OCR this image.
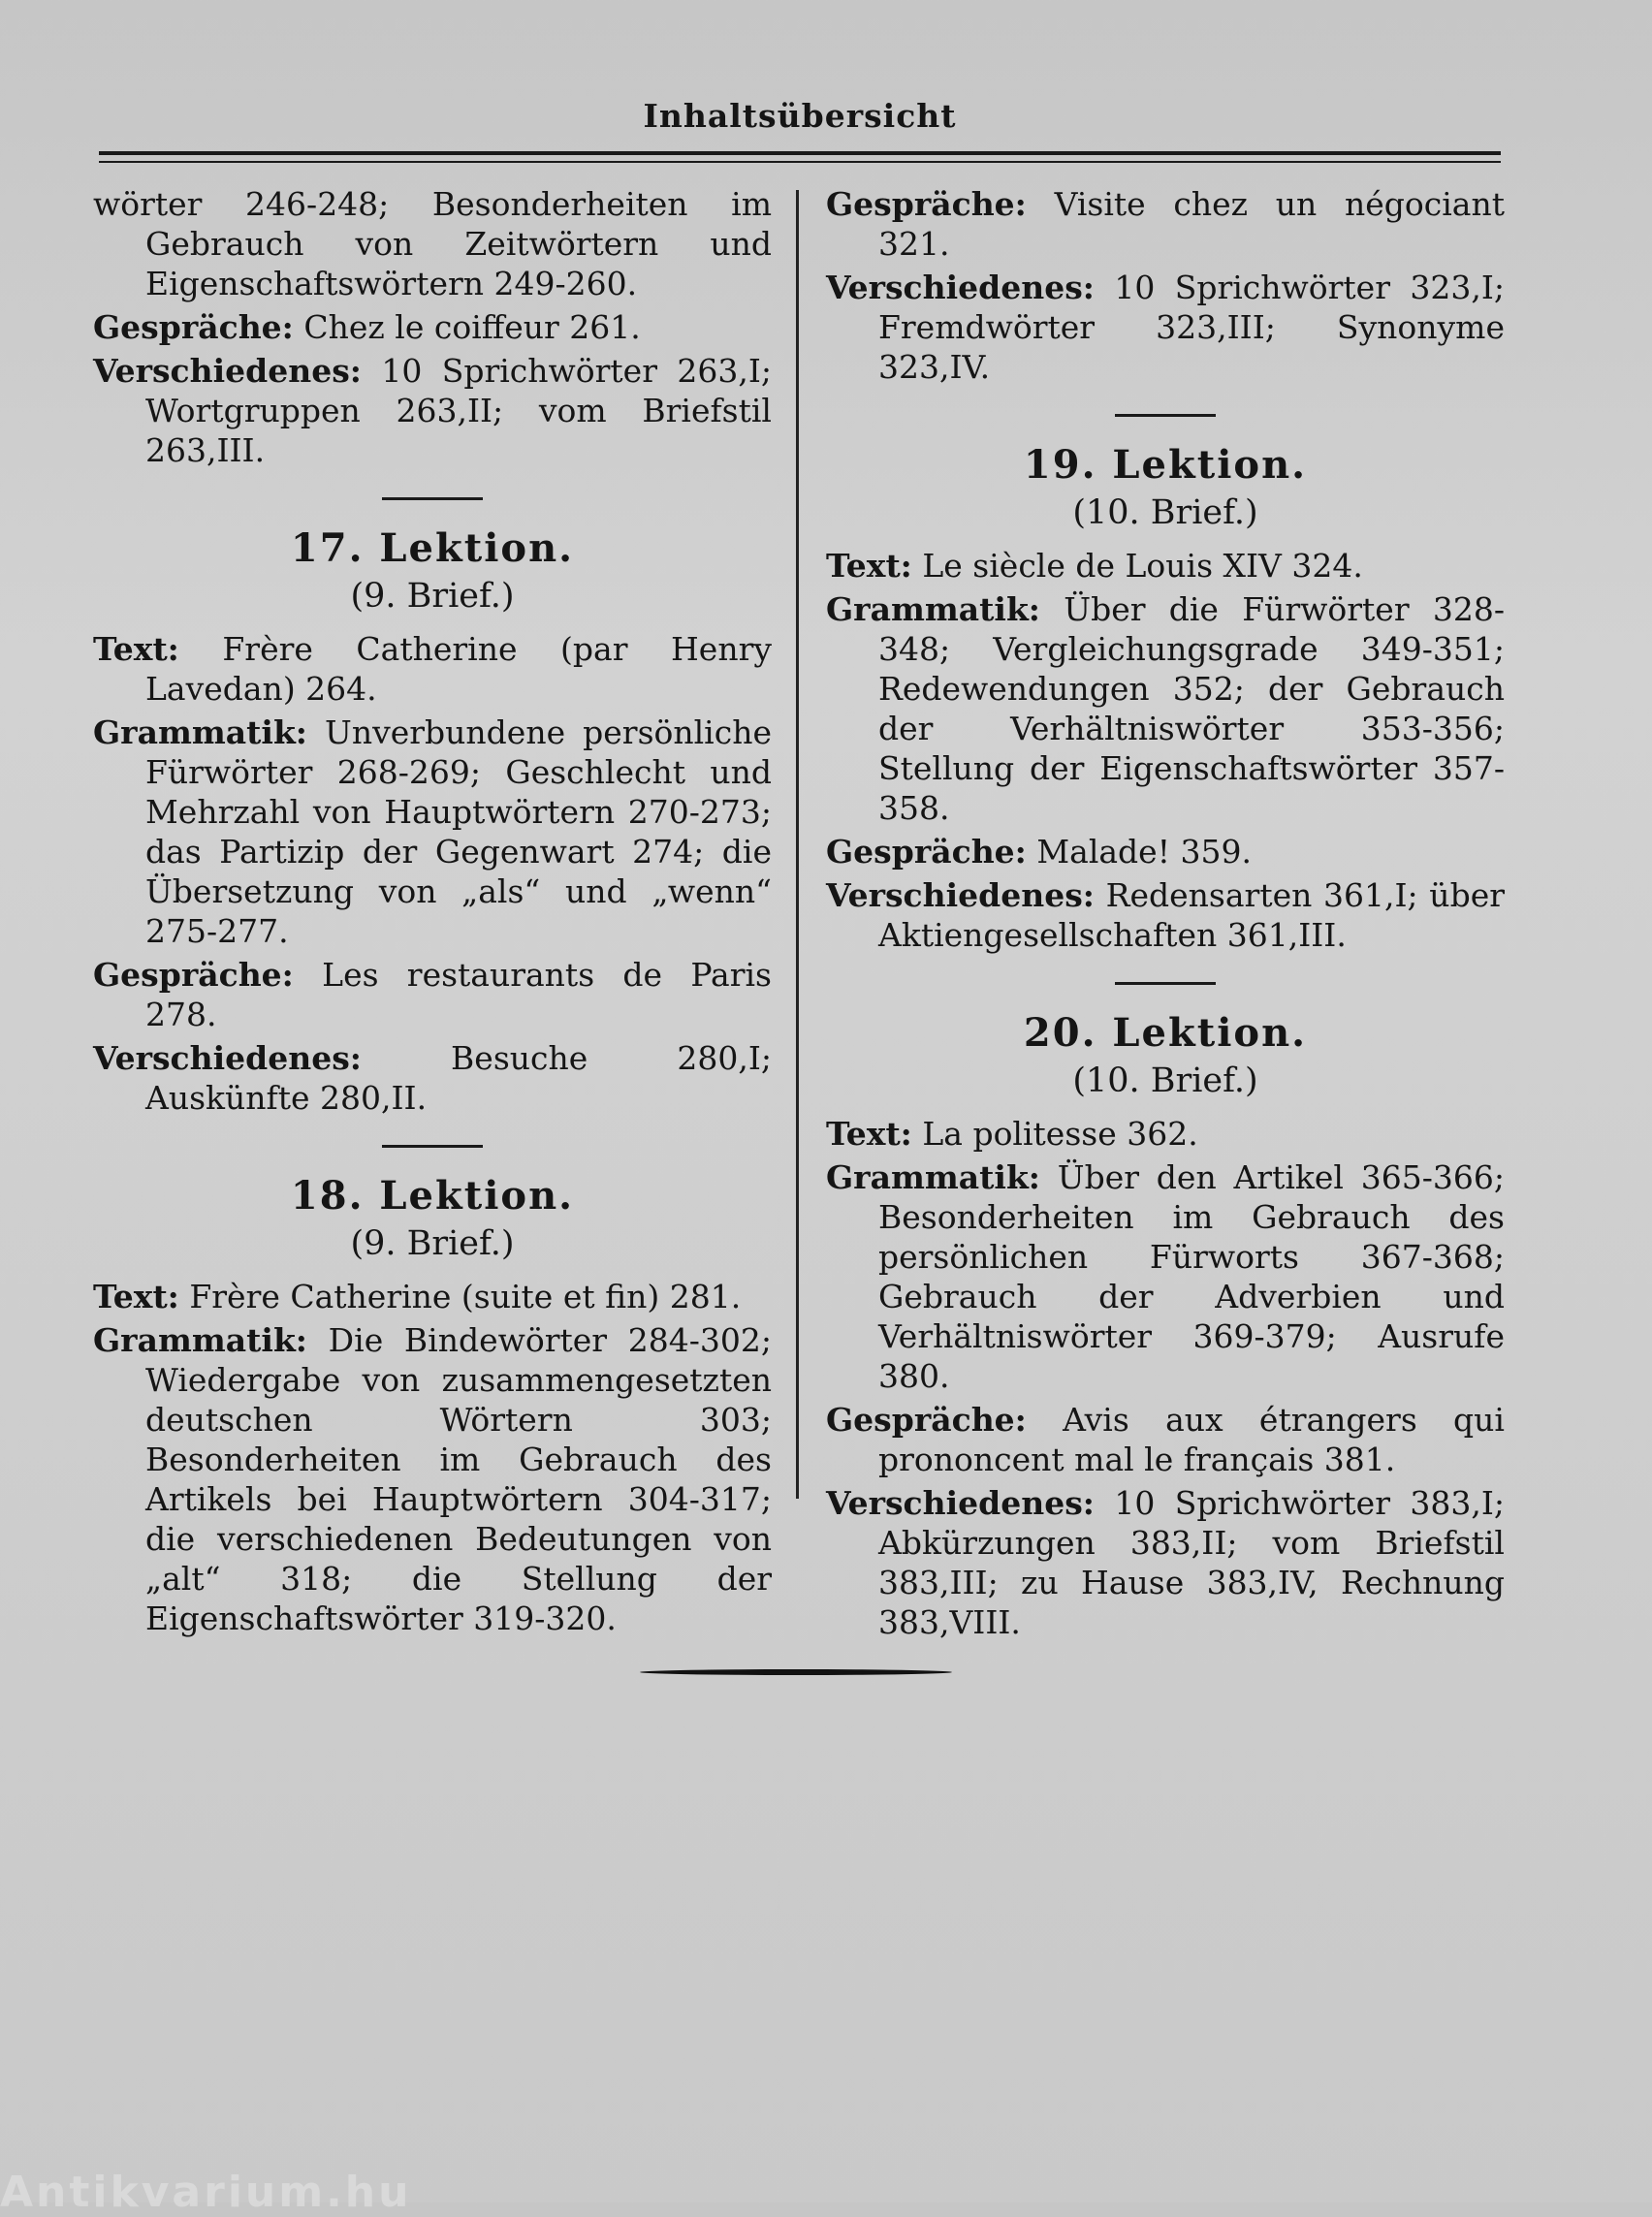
Inhaltsübersicht

wörter 246-248; Besonderheiten im Gebrauch von Zeitwörtern und Eigenschaftswörtern 249-260.

Gespräche: Chez le coiffeur 261.

Verschiedenes: 10 Sprichwörter 263,I; Wortgruppen 263,II; vom Briefstil 263,III.

17. Lektion.
(9. Brief.)

Text: Frère Catherine (par Henry Lavedan) 264.

Grammatik: Unverbundene persönliche Fürwörter 268-269; Geschlecht und Mehrzahl von Hauptwörtern 270-273; das Partizip der Gegenwart 274; die Übersetzung von „als“ und „wenn“ 275-277.

Gespräche: Les restaurants de Paris 278.

Verschiedenes: Besuche 280,I; Auskünfte 280,II.

18. Lektion.
(9. Brief.)

Text: Frère Catherine (suite et fin) 281.

Grammatik: Die Bindewörter 284-302; Wiedergabe von zusammengesetzten deutschen Wörtern 303; Besonderheiten im Gebrauch des Artikels bei Hauptwörtern 304-317; die verschiedenen Bedeutungen von „alt“ 318; die Stellung der Eigenschaftswörter 319-320.

Gespräche: Visite chez un négociant 321.

Verschiedenes: 10 Sprichwörter 323,I; Fremdwörter 323,III; Synonyme 323,IV.

19. Lektion.
(10. Brief.)

Text: Le siècle de Louis XIV 324.

Grammatik: Über die Fürwörter 328-348; Vergleichungsgrade 349-351; Redewendungen 352; der Gebrauch der Verhältniswörter 353-356; Stellung der Eigenschaftswörter 357-358.

Gespräche: Malade! 359.

Verschiedenes: Redensarten 361,I; über Aktiengesellschaften 361,III.

20. Lektion.
(10. Brief.)

Text: La politesse 362.

Grammatik: Über den Artikel 365-366; Besonderheiten im Gebrauch des persönlichen Fürworts 367-368; Gebrauch der Adverbien und Verhältniswörter 369-379; Ausrufe 380.

Gespräche: Avis aux étrangers qui prononcent mal le français 381.

Verschiedenes: 10 Sprichwörter 383,I; Abkürzungen 383,II; vom Briefstil 383,III; zu Hause 383,IV, Rechnung 383,VIII.

Antikvarium.hu
